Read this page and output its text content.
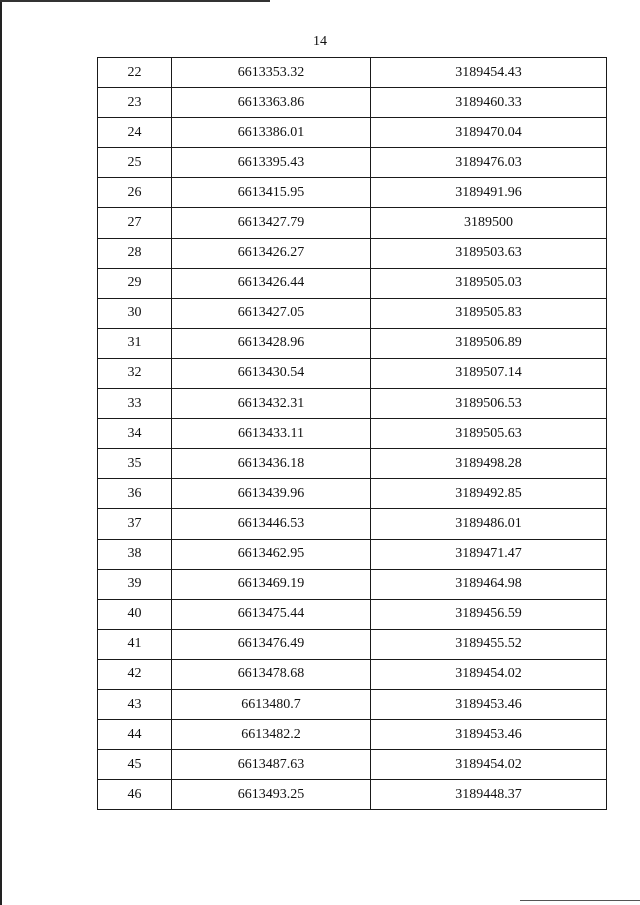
14
22	6613353.32	3189454.43
23	6613363.86	3189460.33
24	6613386.01	3189470.04
25	6613395.43	3189476.03
26	6613415.95	3189491.96
27	6613427.79	3189500
28	6613426.27	3189503.63
29	6613426.44	3189505.03
30	6613427.05	3189505.83
31	6613428.96	3189506.89
32	6613430.54	3189507.14
33	6613432.31	3189506.53
34	6613433.11	3189505.63
35	6613436.18	3189498.28
36	6613439.96	3189492.85
37	6613446.53	3189486.01
38	6613462.95	3189471.47
39	6613469.19	3189464.98
40	6613475.44	3189456.59
41	6613476.49	3189455.52
42	6613478.68	3189454.02
43	6613480.7	3189453.46
44	6613482.2	3189453.46
45	6613487.63	3189454.02
46	6613493.25	3189448.37
